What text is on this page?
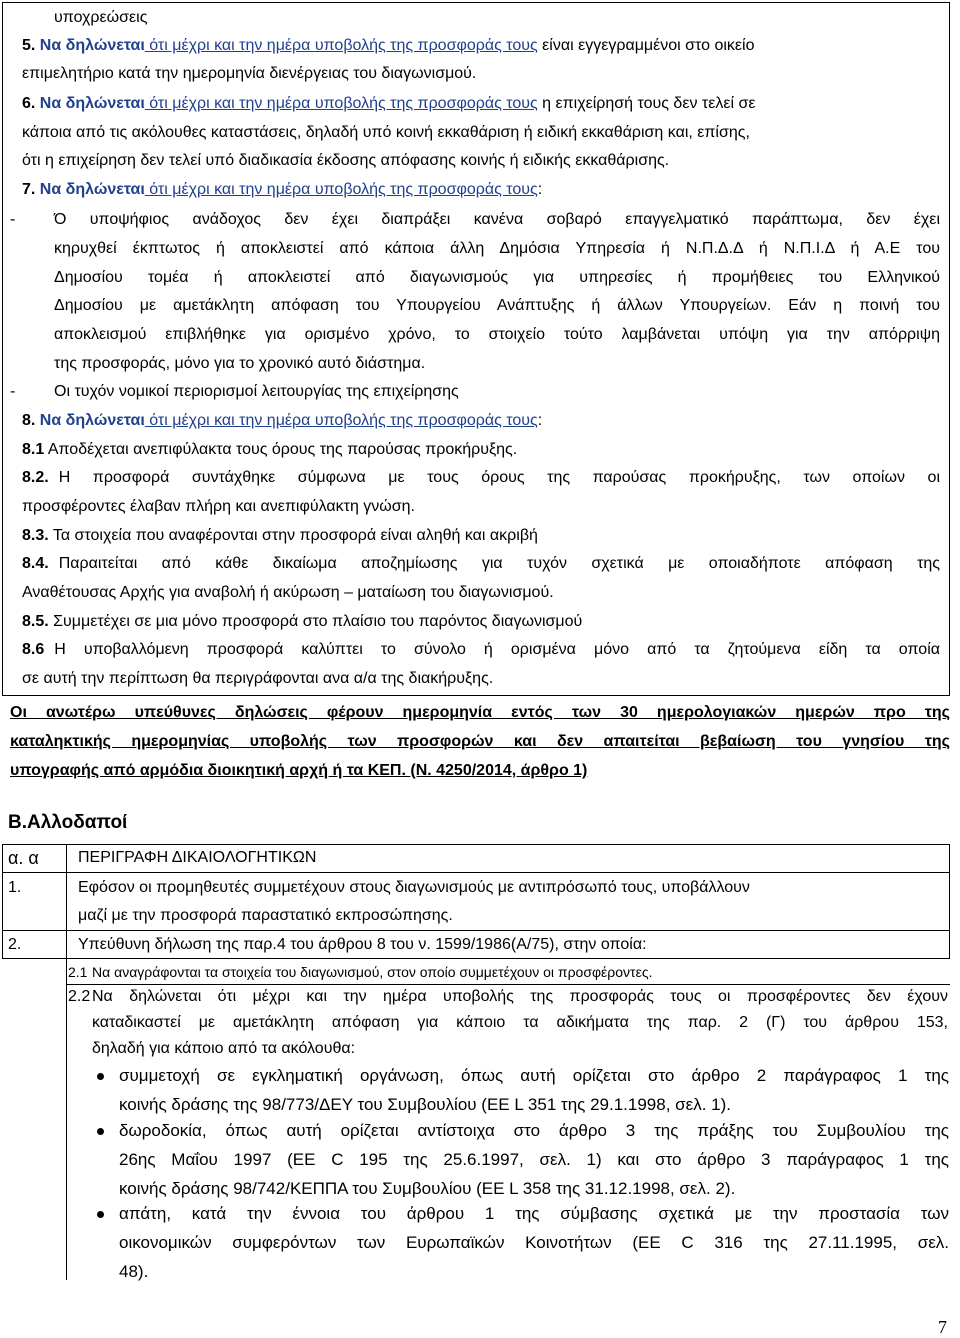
υποχρεώσεις
5. Να δηλώνεται ότι μέχρι και την ημέρα υποβολής της προσφοράς τους είναι εγγεγραμμένοι στο οικείο
επιμελητήριο κατά την ημερομηνία διενέργειας του διαγωνισμού.
6. Να δηλώνεται ότι μέχρι και την ημέρα υποβολής της προσφοράς τους η επιχείρησή τους δεν τελεί σε
κάποια από τις ακόλουθες καταστάσεις, δηλαδή υπό κοινή εκκαθάριση ή ειδική εκκαθάριση και, επίσης,
ότι η επιχείρηση δεν τελεί υπό διαδικασία έκδοσης απόφασης κοινής ή ειδικής εκκαθάρισης.
7. Να δηλώνεται ότι μέχρι και την ημέρα υποβολής της προσφοράς τους:
- Ό υποψήφιος ανάδοχος δεν έχει διαπράξει κανένα σοβαρό επαγγελματικό παράπτωμα, δεν έχει
κηρυχθεί έκπτωτος ή αποκλειστεί από κάποια άλλη Δημόσια Υπηρεσία ή Ν.Π.Δ.Δ ή Ν.Π.Ι.Δ ή Α.Ε του
Δημοσίου τομέα ή αποκλειστεί από διαγωνισμούς για υπηρεσίες ή προμήθειες του Ελληνικού
Δημοσίου με αμετάκλητη απόφαση του Υπουργείου Ανάπτυξης ή άλλων Υπουργείων. Εάν η ποινή του
αποκλεισμού επιβλήθηκε για ορισμένο χρόνο, το στοιχείο τούτο λαμβάνεται υπόψη για την απόρριψη
της προσφοράς, μόνο για το χρονικό αυτό διάστημα.
- Οι τυχόν νομικοί περιορισμοί λειτουργίας της επιχείρησης
8. Να δηλώνεται ότι μέχρι και την ημέρα υποβολής της προσφοράς τους:
8.1 Αποδέχεται ανεπιφύλακτα τους όρους της παρούσας προκήρυξης.
8.2. Η προσφορά συντάχθηκε σύμφωνα με τους όρους της παρούσας προκήρυξης, των οποίων οι
προσφέροντες έλαβαν πλήρη και ανεπιφύλακτη γνώση.
8.3. Τα στοιχεία που αναφέρονται στην προσφορά είναι αληθή και ακριβή
8.4. Παραιτείται από κάθε δικαίωμα αποζημίωσης για τυχόν σχετικά με οποιαδήποτε απόφαση της
Αναθέτουσας Αρχής για αναβολή ή ακύρωση – ματαίωση του διαγωνισμού.
8.5. Συμμετέχει σε μια μόνο προσφορά στο πλαίσιο του παρόντος διαγωνισμού
8.6 Η υποβαλλόμενη προσφορά καλύπτει το σύνολο ή ορισμένα μόνο από τα ζητούμενα είδη τα οποία
σε αυτή την περίπτωση θα περιγράφονται ανα α/α της διακήρυξης.
Οι ανωτέρω υπεύθυνες δηλώσεις φέρουν ημερομηνία εντός των 30 ημερολογιακών ημερών προ της
καταληκτικής ημερομηνίας υποβολής των προσφορών και δεν απαιτείται βεβαίωση του γνησίου της
υπογραφής από αρμόδια διοικητική αρχή ή τα ΚΕΠ. (Ν. 4250/2014, άρθρο 1)
Β.Αλλοδαποί
α. α ΠΕΡΙΓΡΑΦΗ ΔΙΚΑΙΟΛΟΓΗΤΙΚΩΝ
1.	Εφόσον οι προμηθευτές συμμετέχουν στους διαγωνισμούς με αντιπρόσωπό τους, υποβάλλουν
μαζί με την προσφορά παραστατικό εκπροσώπησης.
2.	Υπεύθυνη δήλωση της παρ.4 του άρθρου 8 του ν. 1599/1986(Α/75), στην οποία:
2.1 Να αναγράφονται τα στοιχεία του διαγωνισμού, στον οποίο συμμετέχουν οι προσφέροντες.
2.2 Να δηλώνεται ότι μέχρι και την ημέρα υποβολής της προσφοράς τους οι προσφέροντες δεν έχουν
καταδικαστεί με αμετάκλητη απόφαση για κάποιο τα αδικήματα της παρ. 2 (Γ) του άρθρου 153,
δηλαδή για κάποιο από τα ακόλουθα:
συμμετοχή σε εγκληματική οργάνωση, όπως αυτή ορίζεται στο άρθρο 2 παράγραφος 1 της
κοινής δράσης της 98/773/ΔΕΥ του Συμβουλίου (ΕΕ L 351 της 29.1.1998, σελ. 1).
δωροδοκία, όπως αυτή ορίζεται αντίστοιχα στο άρθρο 3 της πράξης του Συμβουλίου της
26ης Μαΐου 1997 (ΕΕ C 195 της 25.6.1997, σελ. 1) και στο άρθρο 3 παράγραφος 1 της
κοινής δράσης 98/742/ΚΕΠΠΑ του Συμβουλίου (ΕΕ L 358 της 31.12.1998, σελ. 2).
απάτη, κατά την έννοια του άρθρου 1 της σύμβασης σχετικά με την προστασία των
οικονομικών συμφερόντων των Ευρωπαϊκών Κοινοτήτων (ΕΕ C 316 της 27.11.1995, σελ.
48).
7
